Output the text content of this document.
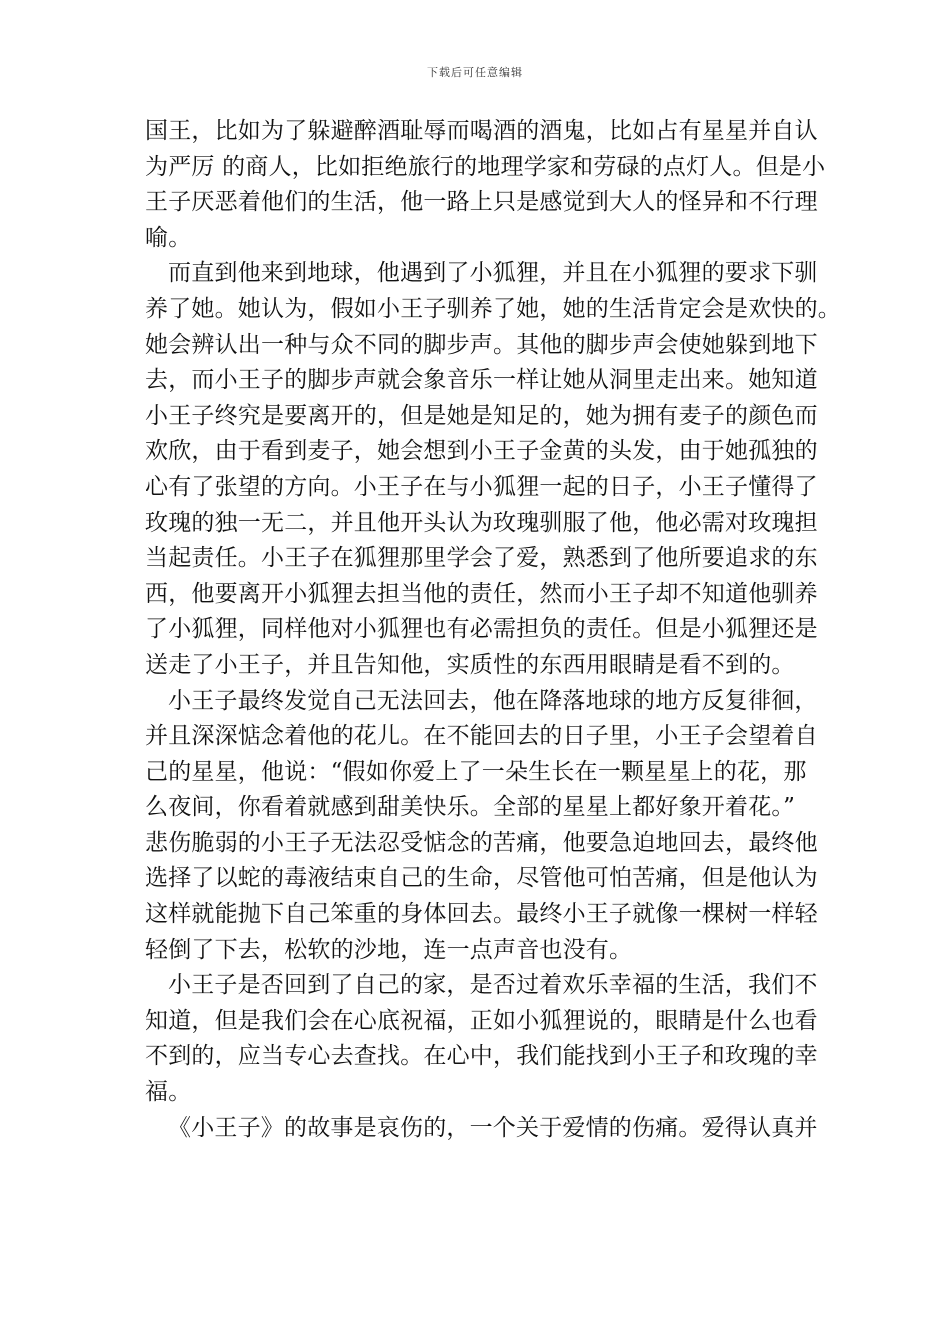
下载后可任意编辑

国王，比如为了躲避醉酒耻辱而喝酒的酒鬼，比如占有星星并自认
为严厉 的商人，比如拒绝旅行的地理学家和劳碌的点灯人。但是小
王子厌恶着他们的生活，他一路上只是感觉到大人的怪异和不行理
喻。

而直到他来到地球，他遇到了小狐狸，并且在小狐狸的要求下驯
养了她。她认为，假如小王子驯养了她，她的生活肯定会是欢快的。
她会辨认出一种与众不同的脚步声。其他的脚步声会使她躲到地下
去，而小王子的脚步声就会象音乐一样让她从洞里走出来。她知道
小王子终究是要离开的，但是她是知足的，她为拥有麦子的颜色而
欢欣，由于看到麦子，她会想到小王子金黄的头发，由于她孤独的
心有了张望的方向。小王子在与小狐狸一起的日子，小王子懂得了
玫瑰的独一无二，并且他开头认为玫瑰驯服了他，他必需对玫瑰担
当起责任。小王子在狐狸那里学会了爱，熟悉到了他所要追求的东
西，他要离开小狐狸去担当他的责任，然而小王子却不知道他驯养
了小狐狸，同样他对小狐狸也有必需担负的责任。但是小狐狸还是
送走了小王子，并且告知他，实质性的东西用眼睛是看不到的。

小王子最终发觉自己无法回去，他在降落地球的地方反复徘徊，
并且深深惦念着他的花儿。在不能回去的日子里，小王子会望着自
己的星星，他说：“假如你爱上了一朵生长在一颗星星上的花，那
么夜间，你看着就感到甜美快乐。全部的星星上都好象开着花。”
悲伤脆弱的小王子无法忍受惦念的苦痛，他要急迫地回去，最终他
选择了以蛇的毒液结束自己的生命，尽管他可怕苦痛，但是他认为
这样就能抛下自己笨重的身体回去。最终小王子就像一棵树一样轻
轻倒了下去，松软的沙地，连一点声音也没有。

小王子是否回到了自己的家，是否过着欢乐幸福的生活，我们不
知道，但是我们会在心底祝福，正如小狐狸说的，眼睛是什么也看
不到的，应当专心去查找。在心中，我们能找到小王子和玫瑰的幸
福。

《小王子》的故事是哀伤的，一个关于爱情的伤痛。爱得认真并
